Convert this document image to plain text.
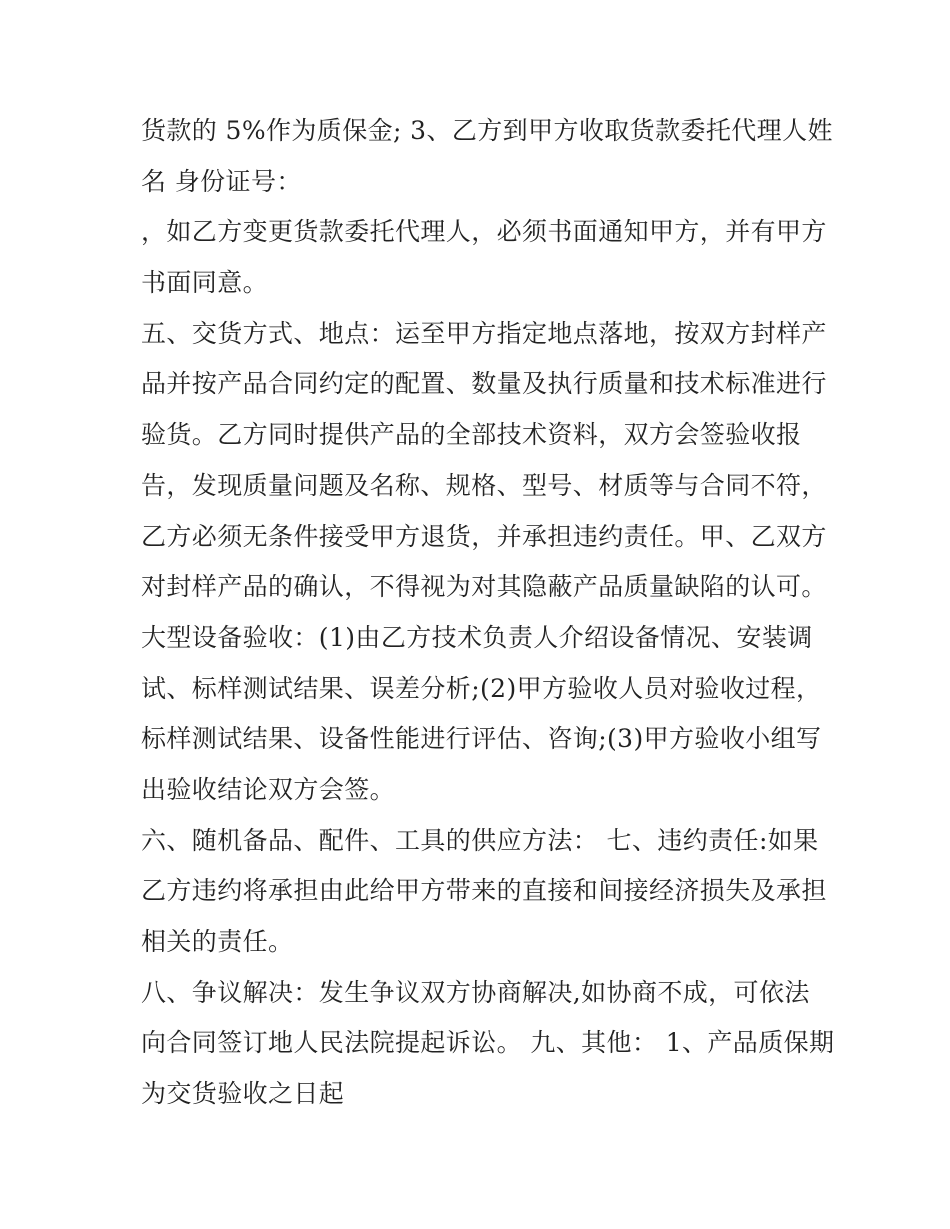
货款的 5%作为质保金; 3、乙方到甲方收取货款委托代理人姓
名 身份证号：
，如乙方变更货款委托代理人，必须书面通知甲方，并有甲方
书面同意。
五、交货方式、地点：运至甲方指定地点落地，按双方封样产
品并按产品合同约定的配置、数量及执行质量和技术标准进行
验货。乙方同时提供产品的全部技术资料，双方会签验收报
告，发现质量问题及名称、规格、型号、材质等与合同不符，
乙方必须无条件接受甲方退货，并承担违约责任。甲、乙双方
对封样产品的确认，不得视为对其隐蔽产品质量缺陷的认可。
大型设备验收：(1)由乙方技术负责人介绍设备情况、安装调
试、标样测试结果、误差分析;(2)甲方验收人员对验收过程，
标样测试结果、设备性能进行评估、咨询;(3)甲方验收小组写
出验收结论双方会签。
六、随机备品、配件、工具的供应方法： 七、违约责任:如果
乙方违约将承担由此给甲方带来的直接和间接经济损失及承担
相关的责任。
八、争议解决：发生争议双方协商解决,如协商不成，可依法
向合同签订地人民法院提起诉讼。 九、其他： 1、产品质保期
为交货验收之日起
